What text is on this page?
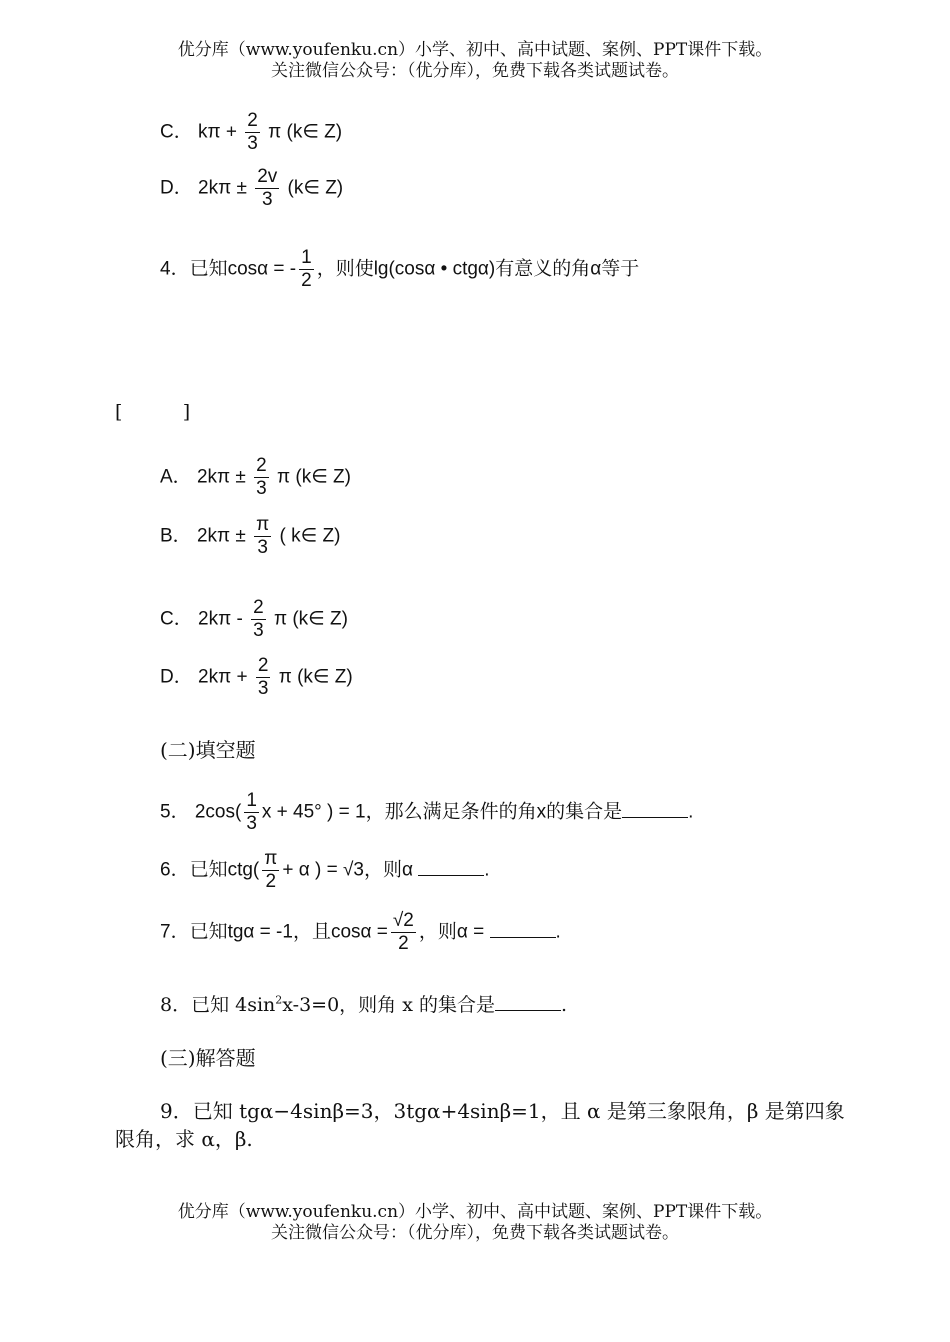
优分库（www.youfenku.cn）小学、初中、高中试题、案例、PPT课件下载。
关注微信公众号：（优分库），免费下载各类试题试卷。
C． $k\pi + \frac{2}{3}$ π (k∈ Z)
D． $2k\pi \pm \frac{2v}{3}$ (k∈ Z)
4．已知cosα = - $\frac{1}{2}$ ，则使lg(cosα • ctgα)有意义的角α等于
[          ]
A． $2k\pi \pm \frac{2}{3}$ π (k∈ Z)
B． $2k\pi \pm \frac{\pi}{3}$ ( k∈ Z)
C． $2k\pi - \frac{2}{3}$ π (k∈ Z)
D． $2k\pi + \frac{2}{3}$ π (k∈ Z)
(二)填空题
5． $2\cos( \frac{1}{3}$ x + 45° ) = 1，那么满足条件的角x的集合是	.
6．已知$ctg( \frac{\pi}{2} + \alpha$ ) = √3，则α	.
7．已知tgα = -1，且$\cos\alpha = \frac{√2}{2}$ ，则α =	.
8．已知 $4\sin^2x-3=0$，则角 x 的集合是	.
(三)解答题
9．已知 tgα−4sinβ=3，3tgα+4sinβ=1，且 α 是第三象限角，β 是第四象
限角，求 α，β.
优分库（www.youfenku.cn）小学、初中、高中试题、案例、PPT课件下载。
关注微信公众号：（优分库），免费下载各类试题试卷。
